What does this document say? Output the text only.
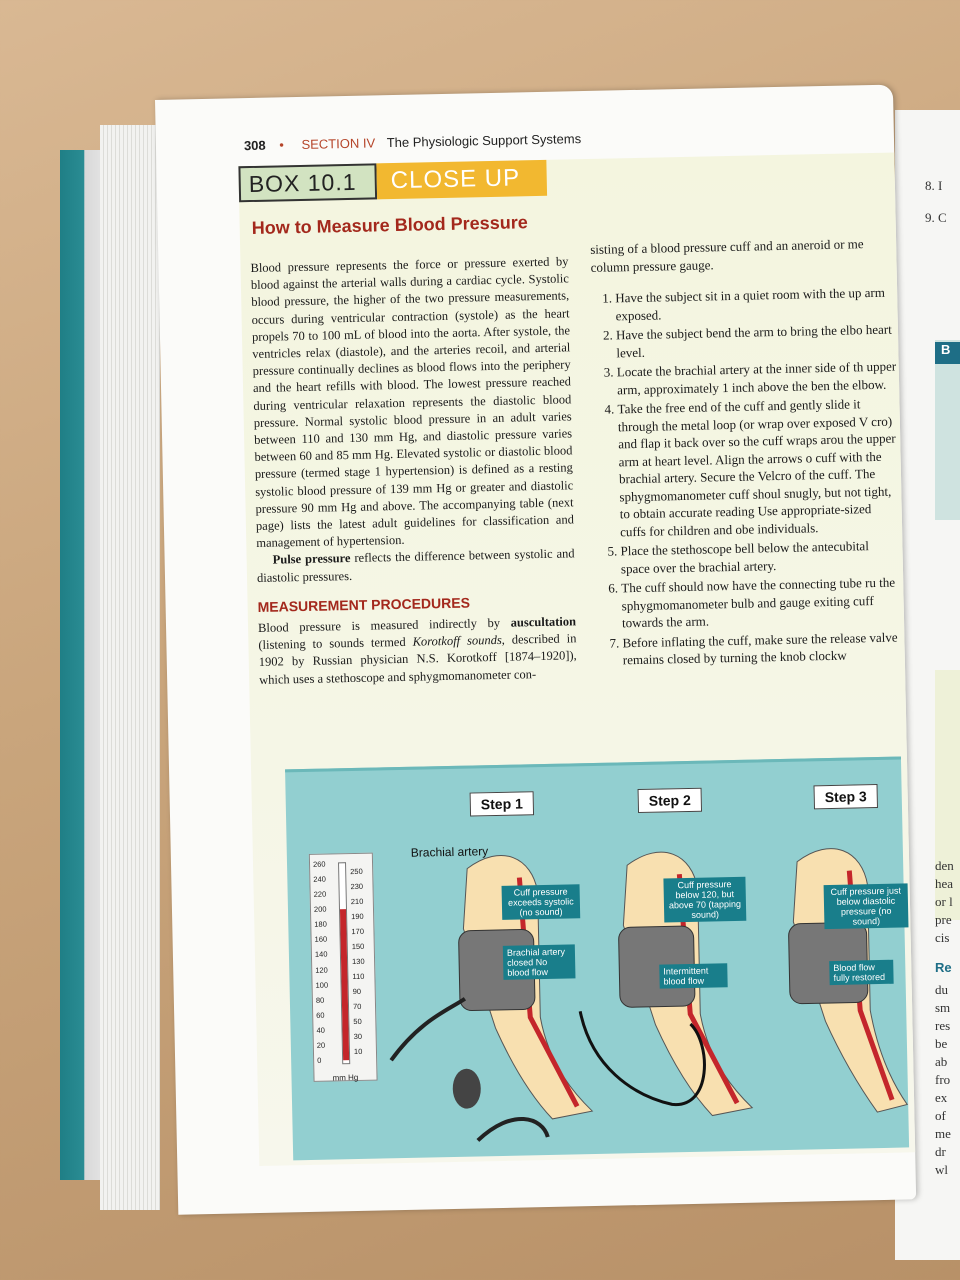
8. I
9. C
B
den
hea
or l
pre
cis
Re
du
sm
res
be
ab
fro
ex
of
me
dr
wl
308 • SECTION IV The Physiologic Support Systems
BOX 10.1	CLOSE UP
How to Measure Blood Pressure

Blood pressure represents the force or pressure exerted by blood against the arterial walls during a cardiac cycle. Systolic blood pressure, the higher of the two pressure measurements, occurs during ventricular contraction (systole) as the heart propels 70 to 100 mL of blood into the aorta. After systole, the ventricles relax (diastole), and the arteries recoil, and arterial pressure continually declines as blood flows into the periphery and the heart refills with blood. The lowest pressure reached during ventricular relaxation represents the diastolic blood pressure. Normal systolic blood pressure in an adult varies between 110 and 130 mm Hg, and diastolic pressure varies between 60 and 85 mm Hg. Elevated systolic or diastolic blood pressure (termed stage 1 hypertension) is defined as a resting systolic blood pressure of 139 mm Hg or greater and diastolic pressure 90 mm Hg and above. The accompanying table (next page) lists the latest adult guidelines for classification and management of hypertension.

Pulse pressure reflects the difference between systolic and diastolic pressures.

MEASUREMENT PROCEDURES

Blood pressure is measured indirectly by auscultation (listening to sounds termed Korotkoff sounds, described in 1902 by Russian physician N.S. Korotkoff [1874–1920]), which uses a stethoscope and sphygmomanometer con-

sisting of a blood pressure cuff and an aneroid or me column pressure gauge.

1. Have the subject sit in a quiet room with the up arm exposed.
2. Have the subject bend the arm to bring the elbo heart level.
3. Locate the brachial artery at the inner side of th upper arm, approximately 1 inch above the ben the elbow.
4. Take the free end of the cuff and gently slide it through the metal loop (or wrap over exposed V cro) and flap it back over so the cuff wraps arou the upper arm at heart level. Align the arrows o cuff with the brachial artery. Secure the Velcro of the cuff. The sphygmomanometer cuff shoul snugly, but not tight, to obtain accurate reading Use appropriate-sized cuffs for children and obe individuals.
5. Place the stethoscope bell below the antecubital space over the brachial artery.
6. The cuff should now have the connecting tube ru the sphygmomanometer bulb and gauge exiting cuff towards the arm.
7. Before inflating the cuff, make sure the release valve remains closed by turning the knob clockw
Step 1	Step 2	Step 3
Brachial artery
Cuff pressure exceeds systolic (no sound)
Brachial artery closed No blood flow
Cuff pressure below 120, but above 70 (tapping sound)
Intermittent blood flow
Cuff pressure just below diastolic pressure (no sound)
Blood flow fully restored
260
240
220
200
180
160
140
120
100
80
60
40
20
0
250
230
210
190
170
150
130
110
90
70
50
30
10
mm Hg
